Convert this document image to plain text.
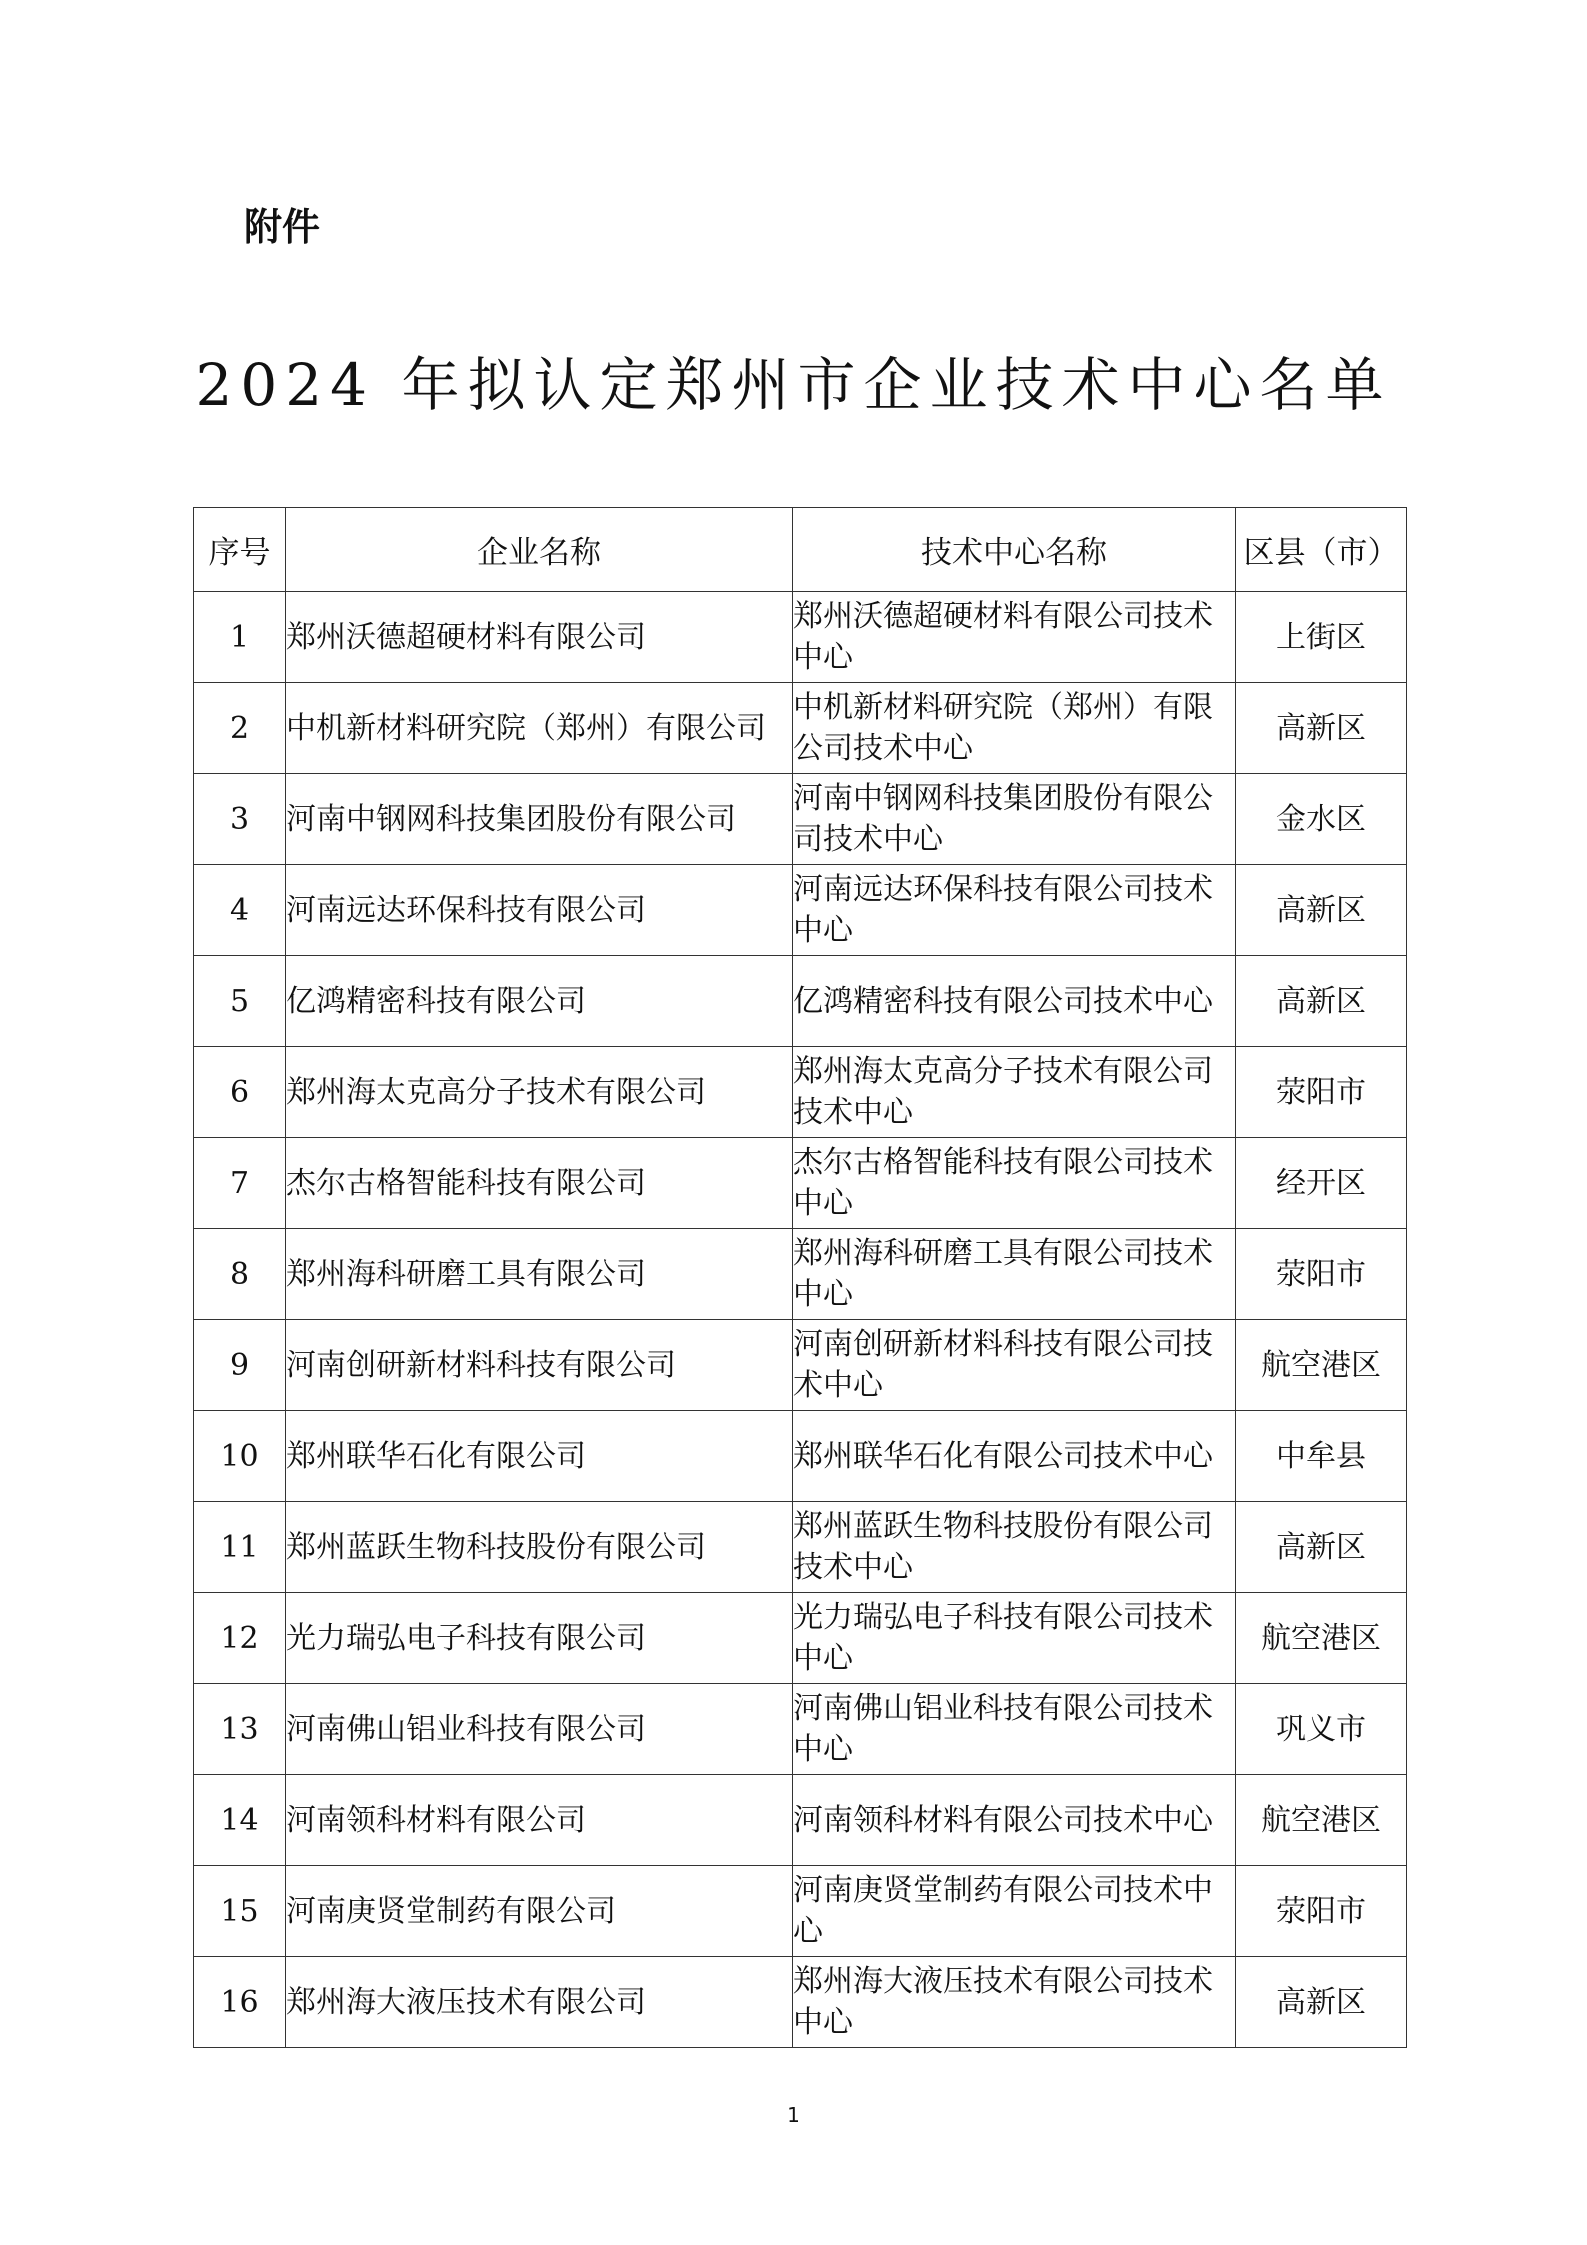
附件
2024 年拟认定郑州市企业技术中心名单
序号	企业名称	技术中心名称	区县（市）
1	郑州沃德超硬材料有限公司	郑州沃德超硬材料有限公司技术中心	上街区
2	中机新材料研究院（郑州）有限公司	中机新材料研究院（郑州）有限公司技术中心	高新区
3	河南中钢网科技集团股份有限公司	河南中钢网科技集团股份有限公司技术中心	金水区
4	河南远达环保科技有限公司	河南远达环保科技有限公司技术中心	高新区
5	亿鸿精密科技有限公司	亿鸿精密科技有限公司技术中心	高新区
6	郑州海太克高分子技术有限公司	郑州海太克高分子技术有限公司技术中心	荥阳市
7	杰尔古格智能科技有限公司	杰尔古格智能科技有限公司技术中心	经开区
8	郑州海科研磨工具有限公司	郑州海科研磨工具有限公司技术中心	荥阳市
9	河南创研新材料科技有限公司	河南创研新材料科技有限公司技术中心	航空港区
10	郑州联华石化有限公司	郑州联华石化有限公司技术中心	中牟县
11	郑州蓝跃生物科技股份有限公司	郑州蓝跃生物科技股份有限公司技术中心	高新区
12	光力瑞弘电子科技有限公司	光力瑞弘电子科技有限公司技术中心	航空港区
13	河南佛山铝业科技有限公司	河南佛山铝业科技有限公司技术中心	巩义市
14	河南领科材料有限公司	河南领科材料有限公司技术中心	航空港区
15	河南庚贤堂制药有限公司	河南庚贤堂制药有限公司技术中心	荥阳市
16	郑州海大液压技术有限公司	郑州海大液压技术有限公司技术中心	高新区
1
